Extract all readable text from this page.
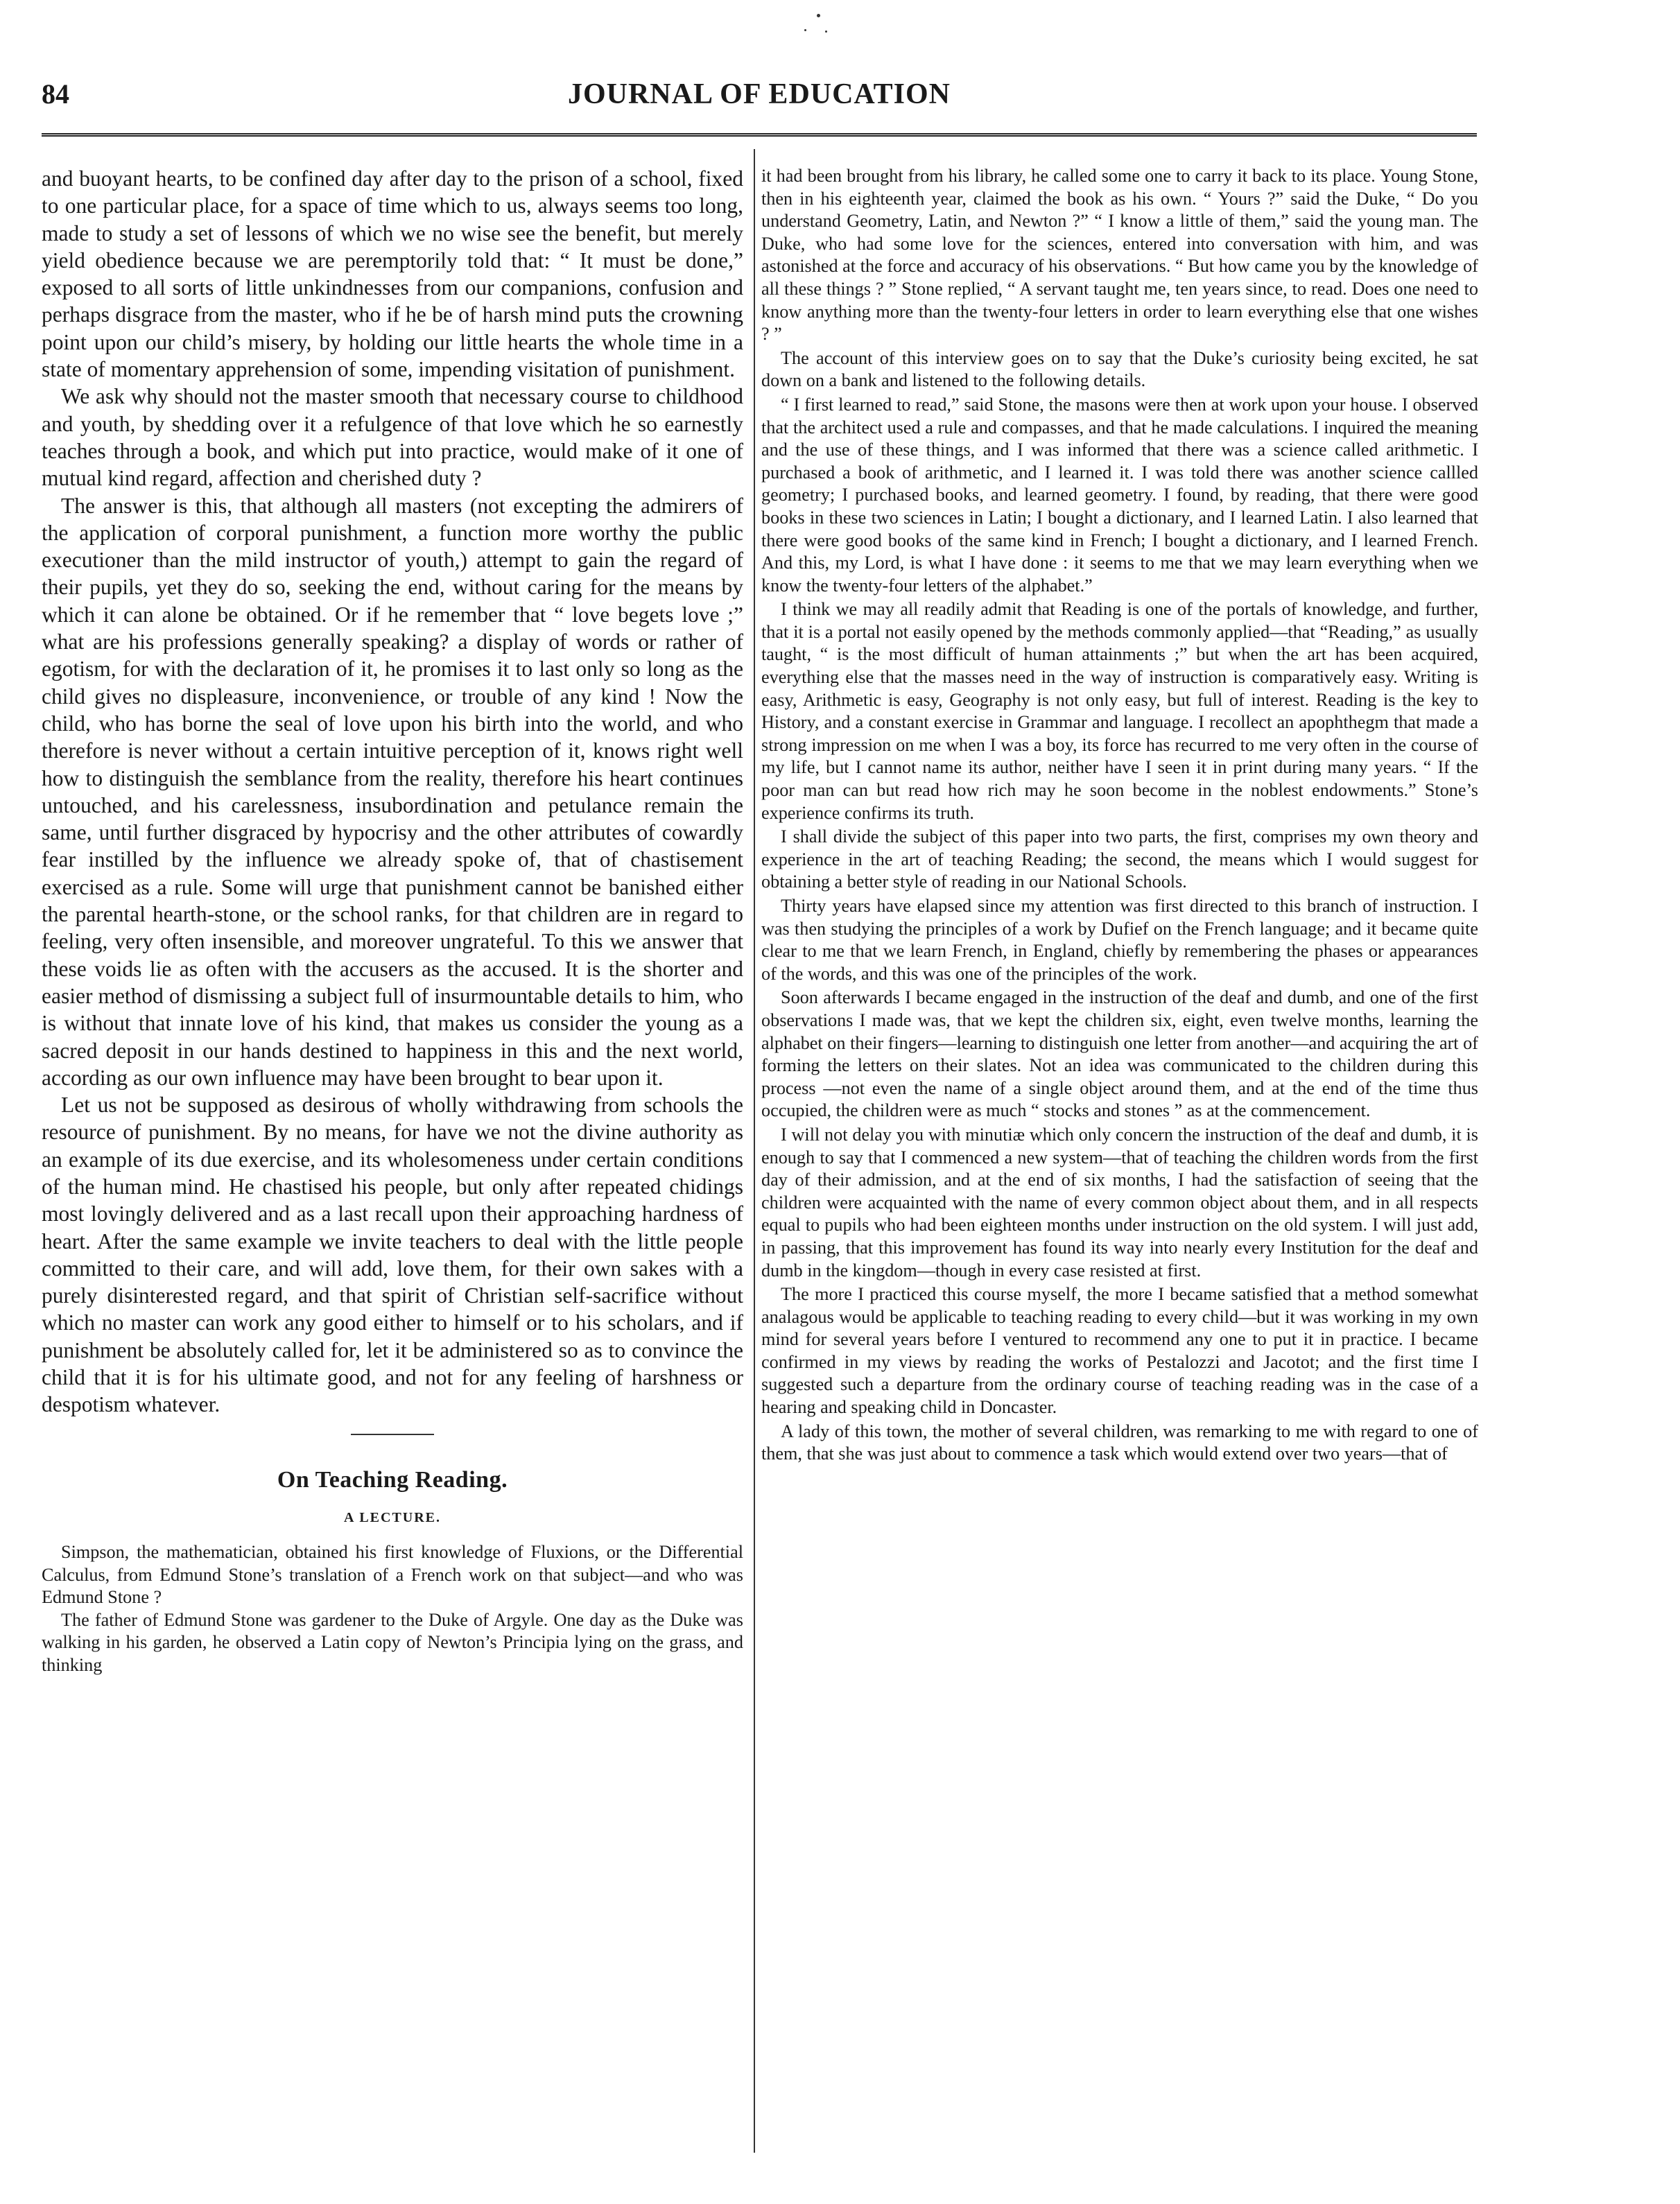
84	JOURNAL OF EDUCATION

and buoyant hearts, to be confined day after day to the prison of a school, fixed to one particular place, for a space of time which to us, always seems too long, made to study a set of lessons of which we no wise see the benefit, but merely yield obedience because we are peremptorily told that: “ It must be done,” exposed to all sorts of little unkindnesses from our companions, confusion and perhaps disgrace from the master, who if he be of harsh mind puts the crowning point upon our child’s misery, by holding our little hearts the whole time in a state of momentary apprehension of some, impending visitation of punishment.

We ask why should not the master smooth that necessary course to childhood and youth, by shedding over it a refulgence of that love which he so earnestly teaches through a book, and which put into practice, would make of it one of mutual kind regard, affection and cherished duty ?

The answer is this, that although all masters (not excepting the admirers of the application of corporal punishment, a function more worthy the public executioner than the mild instructor of youth,) attempt to gain the regard of their pupils, yet they do so, seeking the end, without caring for the means by which it can alone be obtained. Or if he remember that “ love begets love ;” what are his professions generally speaking? a display of words or rather of egotism, for with the declaration of it, he promises it to last only so long as the child gives no displeasure, inconvenience, or trouble of any kind ! Now the child, who has borne the seal of love upon his birth into the world, and who therefore is never without a certain intuitive perception of it, knows right well how to distinguish the semblance from the reality, therefore his heart continues untouched, and his carelessness, insubordination and petulance remain the same, until further disgraced by hypocrisy and the other attributes of cowardly fear instilled by the influence we already spoke of, that of chastisement exercised as a rule. Some will urge that punishment cannot be banished either the parental hearth-stone, or the school ranks, for that children are in regard to feeling, very often insensible, and moreover ungrateful. To this we answer that these voids lie as often with the accusers as the accused. It is the shorter and easier method of dismissing a subject full of insurmountable details to him, who is without that innate love of his kind, that makes us consider the young as a sacred deposit in our hands destined to happiness in this and the next world, according as our own influence may have been brought to bear upon it.

Let us not be supposed as desirous of wholly withdrawing from schools the resource of punishment. By no means, for have we not the divine authority as an example of its due exercise, and its wholesomeness under certain conditions of the human mind. He chastised his people, but only after repeated chidings most lovingly delivered and as a last recall upon their approaching hardness of heart. After the same example we invite teachers to deal with the little people committed to their care, and will add, love them, for their own sakes with a purely disinterested regard, and that spirit of Christian self-sacrifice without which no master can work any good either to himself or to his scholars, and if punishment be absolutely called for, let it be administered so as to convince the child that it is for his ultimate good, and not for any feeling of harshness or despotism whatever.

On Teaching Reading.
A LECTURE.

Simpson, the mathematician, obtained his first knowledge of Fluxions, or the Differential Calculus, from Edmund Stone’s translation of a French work on that subject—and who was Edmund Stone ?

The father of Edmund Stone was gardener to the Duke of Argyle. One day as the Duke was walking in his garden, he observed a Latin copy of Newton’s Principia lying on the grass, and thinking

it had been brought from his library, he called some one to carry it back to its place. Young Stone, then in his eighteenth year, claimed the book as his own. “ Yours ?” said the Duke, “ Do you understand Geometry, Latin, and Newton ?” “ I know a little of them,” said the young man. The Duke, who had some love for the sciences, entered into conversation with him, and was astonished at the force and accuracy of his observations. “ But how came you by the knowledge of all these things ? ” Stone replied, “ A servant taught me, ten years since, to read. Does one need to know anything more than the twenty-four letters in order to learn everything else that one wishes ? ”

The account of this interview goes on to say that the Duke’s curiosity being excited, he sat down on a bank and listened to the following details.

“ I first learned to read,” said Stone, the masons were then at work upon your house. I observed that the architect used a rule and compasses, and that he made calculations. I inquired the meaning and the use of these things, and I was informed that there was a science called arithmetic. I purchased a book of arithmetic, and I learned it. I was told there was another science callled geometry; I purchased books, and learned geometry. I found, by reading, that there were good books in these two sciences in Latin; I bought a dictionary, and I learned Latin. I also learned that there were good books of the same kind in French; I bought a dictionary, and I learned French. And this, my Lord, is what I have done : it seems to me that we may learn everything when we know the twenty-four letters of the alphabet.”

I think we may all readily admit that Reading is one of the portals of knowledge, and further, that it is a portal not easily opened by the methods commonly applied—that “Reading,” as usually taught, “ is the most difficult of human attainments ;” but when the art has been acquired, everything else that the masses need in the way of instruction is comparatively easy. Writing is easy, Arithmetic is easy, Geography is not only easy, but full of interest. Reading is the key to History, and a constant exercise in Grammar and language. I recollect an apophthegm that made a strong impression on me when I was a boy, its force has recurred to me very often in the course of my life, but I cannot name its author, neither have I seen it in print during many years. “ If the poor man can but read how rich may he soon become in the noblest endowments.” Stone’s experience confirms its truth.

I shall divide the subject of this paper into two parts, the first, comprises my own theory and experience in the art of teaching Reading; the second, the means which I would suggest for obtaining a better style of reading in our National Schools.

Thirty years have elapsed since my attention was first directed to this branch of instruction. I was then studying the principles of a work by Dufief on the French language; and it became quite clear to me that we learn French, in England, chiefly by remembering the phases or appearances of the words, and this was one of the principles of the work.

Soon afterwards I became engaged in the instruction of the deaf and dumb, and one of the first observations I made was, that we kept the children six, eight, even twelve months, learning the alphabet on their fingers—learning to distinguish one letter from another—and acquiring the art of forming the letters on their slates. Not an idea was communicated to the children during this process —not even the name of a single object around them, and at the end of the time thus occupied, the children were as much “ stocks and stones ” as at the commencement.

I will not delay you with minutiæ which only concern the instruction of the deaf and dumb, it is enough to say that I commenced a new system—that of teaching the children words from the first day of their admission, and at the end of six months, I had the satisfaction of seeing that the children were acquainted with the name of every common object about them, and in all respects equal to pupils who had been eighteen months under instruction on the old system. I will just add, in passing, that this improvement has found its way into nearly every Institution for the deaf and dumb in the kingdom—though in every case resisted at first.

The more I practiced this course myself, the more I became satisfied that a method somewhat analagous would be applicable to teaching reading to every child—but it was working in my own mind for several years before I ventured to recommend any one to put it in practice. I became confirmed in my views by reading the works of Pestalozzi and Jacotot; and the first time I suggested such a departure from the ordinary course of teaching reading was in the case of a hearing and speaking child in Doncaster.

A lady of this town, the mother of several children, was remarking to me with regard to one of them, that she was just about to commence a task which would extend over two years—that of
